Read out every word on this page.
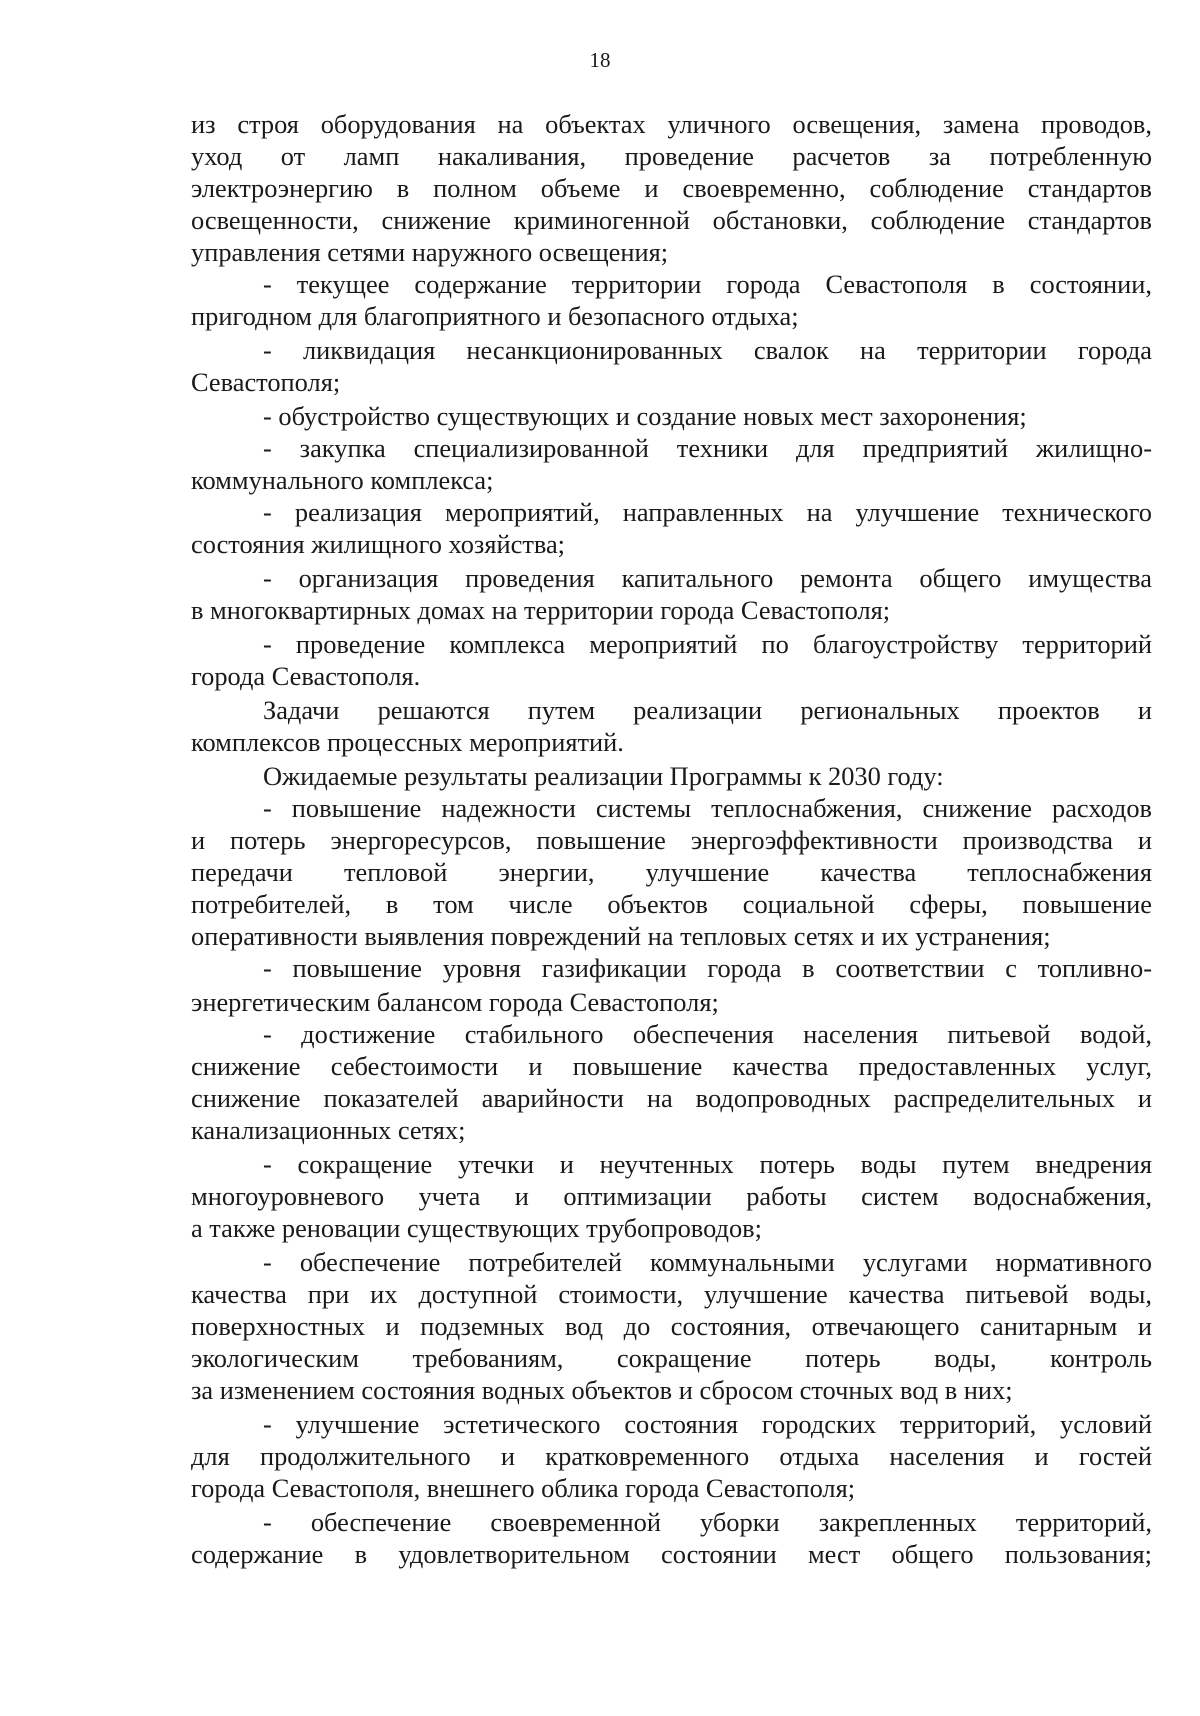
18
из строя оборудования на объектах уличного освещения, замена проводов,
уход от ламп накаливания, проведение расчетов за потребленную
электроэнергию в полном объеме и своевременно, соблюдение стандартов
освещенности, снижение криминогенной обстановки, соблюдение стандартов
управления сетями наружного освещения;
- текущее содержание территории города Севастополя в состоянии,
пригодном для благоприятного и безопасного отдыха;
- ликвидация несанкционированных свалок на территории города
Севастополя;
- обустройство существующих и создание новых мест захоронения;
- закупка специализированной техники для предприятий жилищно-
коммунального комплекса;
- реализация мероприятий, направленных на улучшение технического
состояния жилищного хозяйства;
- организация проведения капитального ремонта общего имущества
в многоквартирных домах на территории города Севастополя;
- проведение комплекса мероприятий по благоустройству территорий
города Севастополя.
Задачи решаются путем реализации региональных проектов и
комплексов процессных мероприятий.
Ожидаемые результаты реализации Программы к 2030 году:
- повышение надежности системы теплоснабжения, снижение расходов
и потерь энергоресурсов, повышение энергоэффективности производства и
передачи тепловой энергии, улучшение качества теплоснабжения
потребителей, в том числе объектов социальной сферы, повышение
оперативности выявления повреждений на тепловых сетях и их устранения;
- повышение уровня газификации города в соответствии с топливно-
энергетическим балансом города Севастополя;
- достижение стабильного обеспечения населения питьевой водой,
снижение себестоимости и повышение качества предоставленных услуг,
снижение показателей аварийности на водопроводных распределительных и
канализационных сетях;
- сокращение утечки и неучтенных потерь воды путем внедрения
многоуровневого учета и оптимизации работы систем водоснабжения,
а также реновации существующих трубопроводов;
- обеспечение потребителей коммунальными услугами нормативного
качества при их доступной стоимости, улучшение качества питьевой воды,
поверхностных и подземных вод до состояния, отвечающего санитарным и
экологическим требованиям, сокращение потерь воды, контроль
за изменением состояния водных объектов и сбросом сточных вод в них;
- улучшение эстетического состояния городских территорий, условий
для продолжительного и кратковременного отдыха населения и гостей
города Севастополя, внешнего облика города Севастополя;
- обеспечение своевременной уборки закрепленных территорий,
содержание в удовлетворительном состоянии мест общего пользования;
